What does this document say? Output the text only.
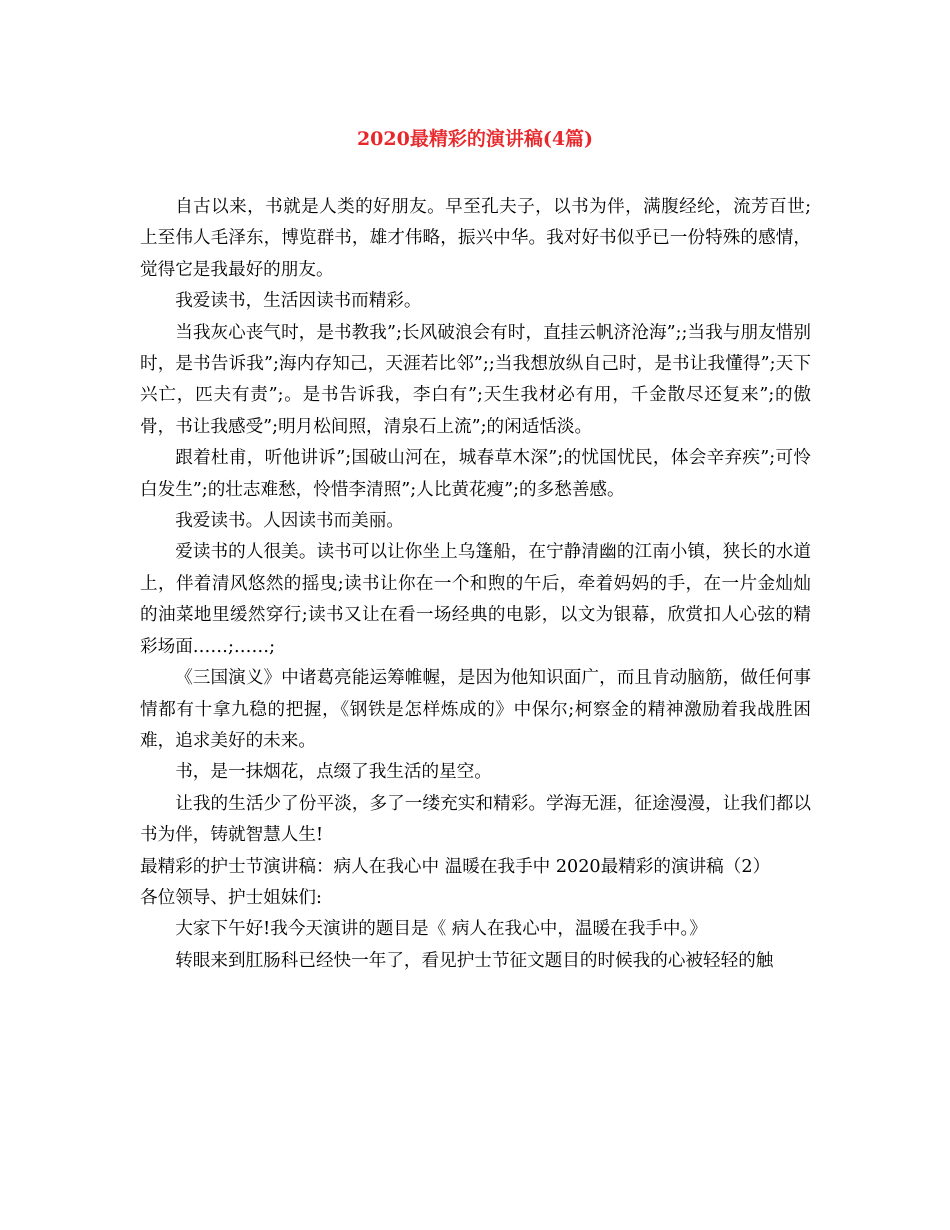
2020最精彩的演讲稿(4篇)

自古以来，书就是人类的好朋友。早至孔夫子，以书为伴，满腹经纶，流芳百世;上至伟人毛泽东，博览群书，雄才伟略，振兴中华。我对好书似乎已一份特殊的感情，觉得它是我最好的朋友。

我爱读书，生活因读书而精彩。

当我灰心丧气时，是书教我”;长风破浪会有时，直挂云帆济沧海”;;当我与朋友惜别时，是书告诉我”;海内存知己，天涯若比邻”;;当我想放纵自己时，是书让我懂得”;天下兴亡，匹夫有责”;。是书告诉我，李白有”;天生我材必有用，千金散尽还复来”;的傲骨，书让我感受”;明月松间照，清泉石上流”;的闲适恬淡。

跟着杜甫，听他讲诉”;国破山河在，城春草木深”;的忧国忧民，体会辛弃疾”;可怜白发生”;的壮志难愁，怜惜李清照”;人比黄花瘦”;的多愁善感。

我爱读书。人因读书而美丽。

爱读书的人很美。读书可以让你坐上乌篷船，在宁静清幽的江南小镇，狭长的水道上，伴着清风悠然的摇曳;读书让你在一个和煦的午后，牵着妈妈的手，在一片金灿灿的油菜地里缓然穿行;读书又让在看一场经典的电影，以文为银幕，欣赏扣人心弦的精彩场面……;……;

《三国演义》中诸葛亮能运筹帷幄，是因为他知识面广，而且肯动脑筋，做任何事情都有十拿九稳的把握，《钢铁是怎样炼成的》中保尔;柯察金的精神激励着我战胜困难，追求美好的未来。

书，是一抹烟花，点缀了我生活的星空。

让我的生活少了份平淡，多了一缕充实和精彩。学海无涯，征途漫漫，让我们都以书为伴，铸就智慧人生!

最精彩的护士节演讲稿：病人在我心中 温暖在我手中 2020最精彩的演讲稿（2）

各位领导、护士姐妹们:

大家下午好!我今天演讲的题目是《 病人在我心中，温暖在我手中。》

转眼来到肛肠科已经快一年了，看见护士节征文题目的时候我的心被轻轻的触
